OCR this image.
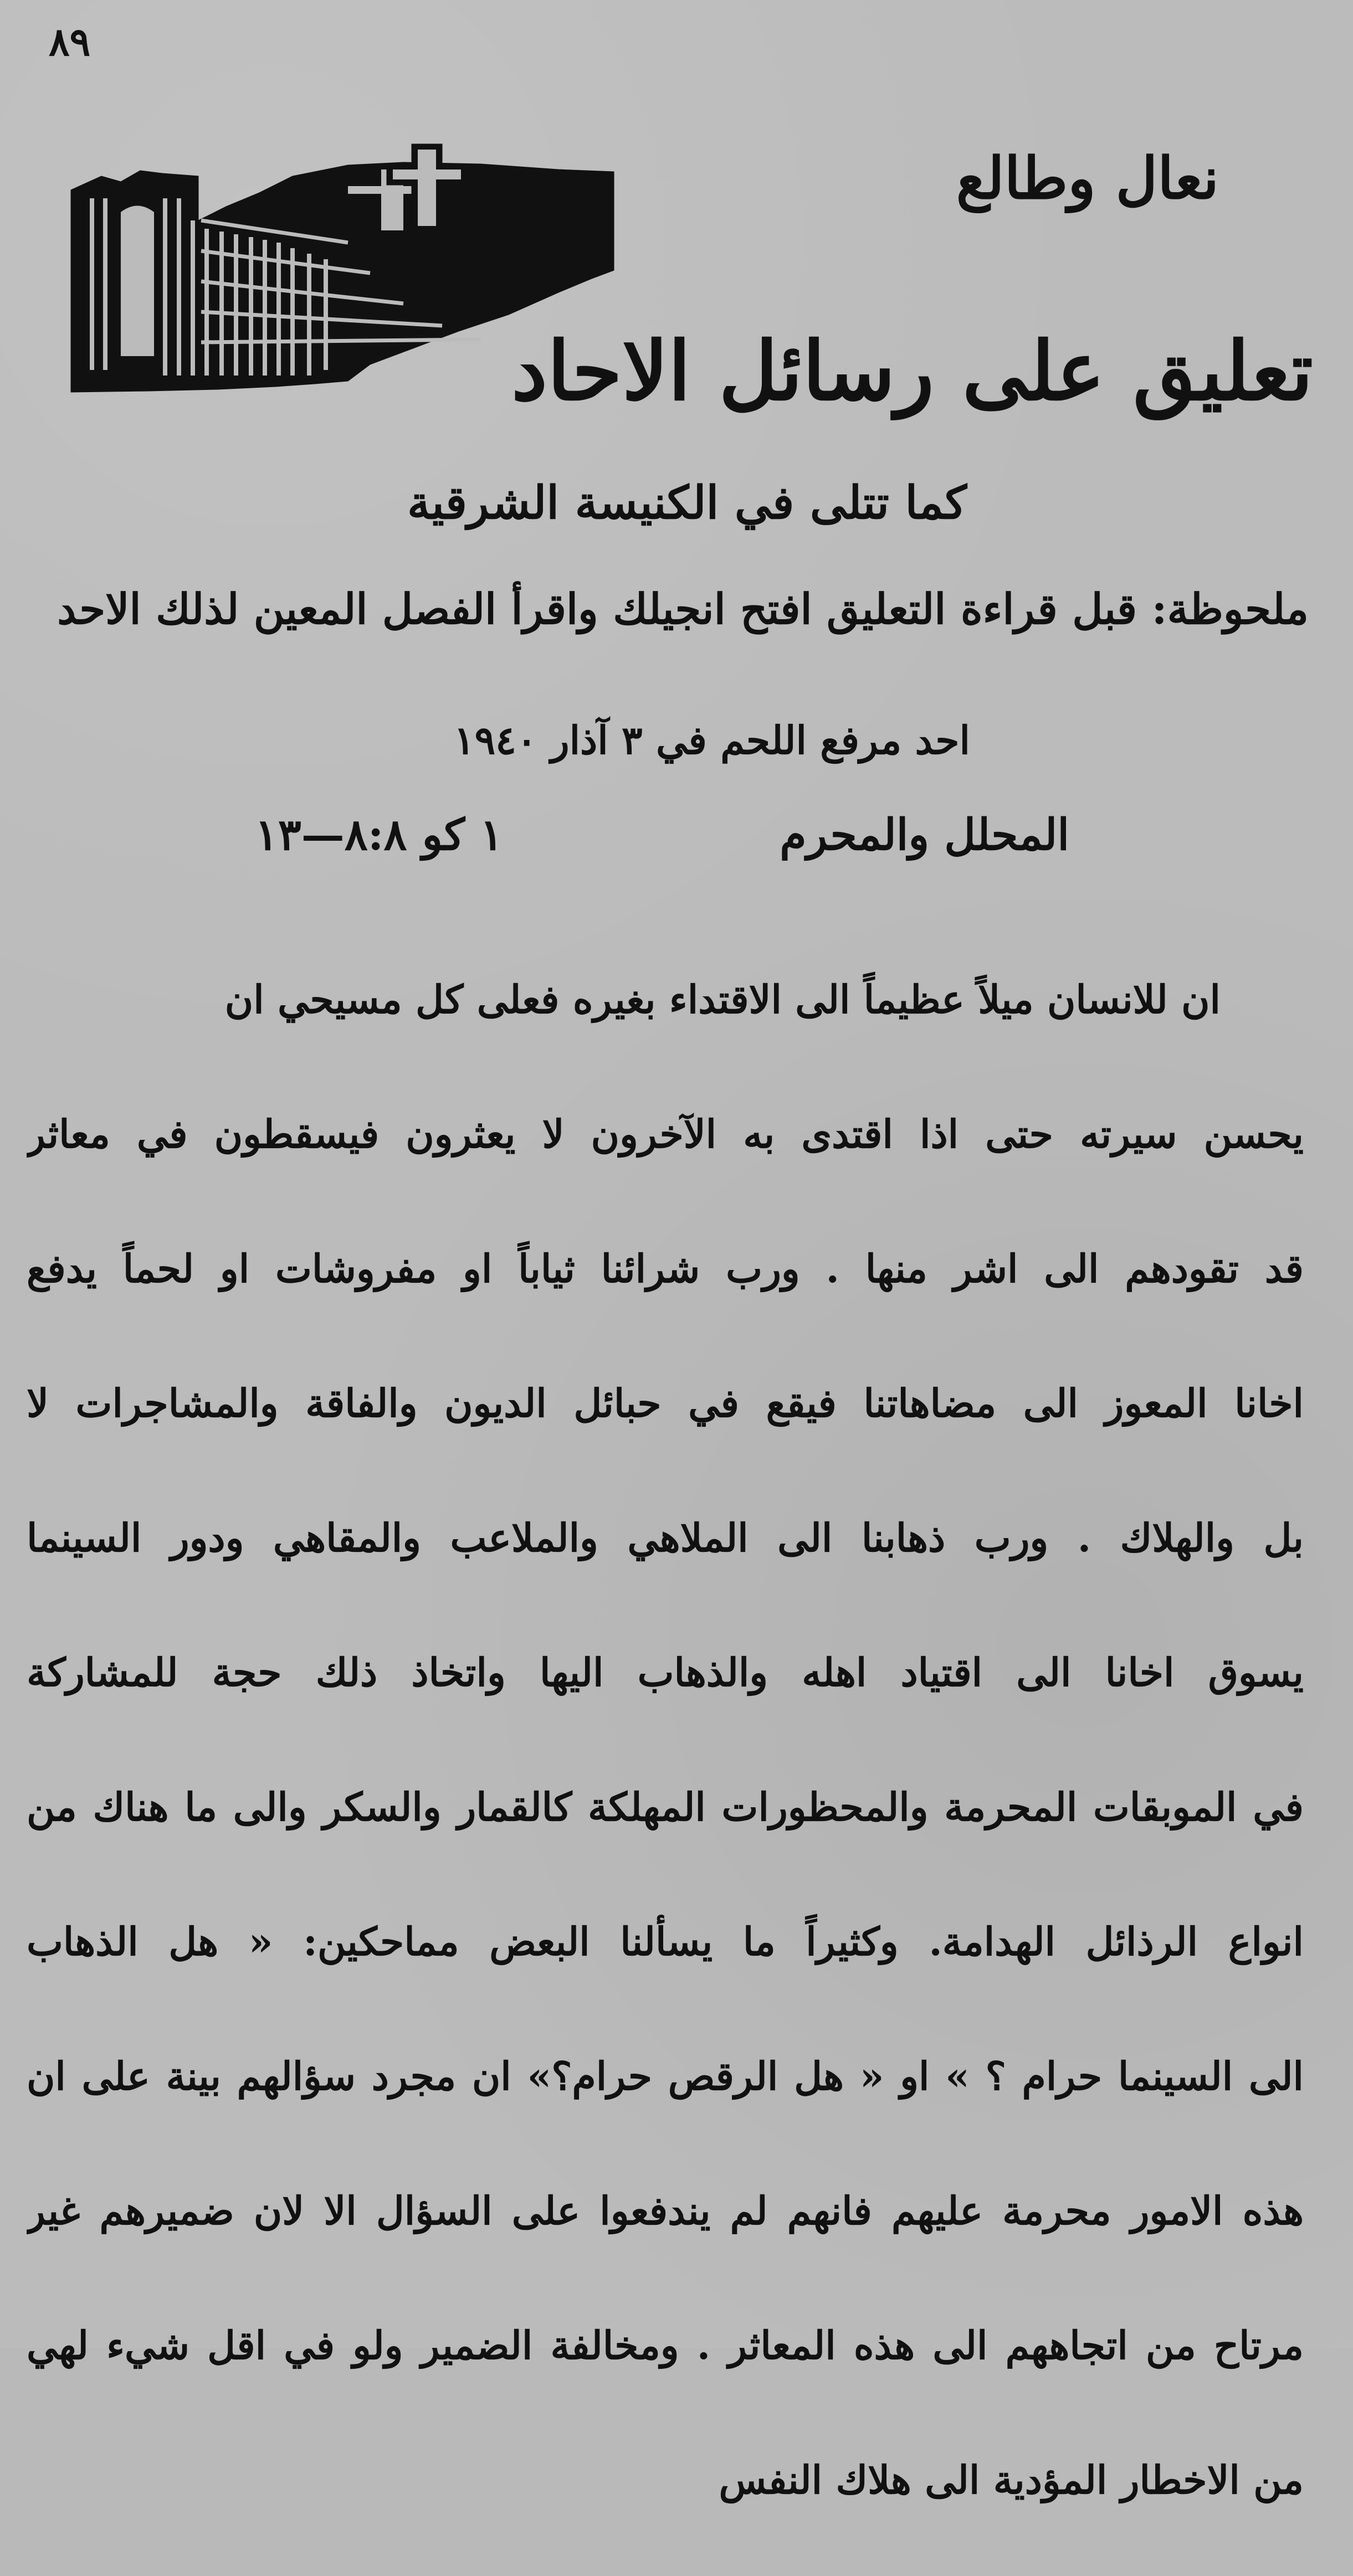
٨٩
نعال وطالع
تعليق على رسائل الاحاد
كما تتلى في الكنيسة الشرقية
ملحوظة: قبل قراءة التعليق افتح انجيلك واقرأ الفصل المعين لذلك الاحد
احد مرفع اللحم في ٣ آذار ١٩٤٠
المحلل والمحرم
١ كو ٨:٨—١٣
ان للانسان ميلاً عظيماً الى الاقتداء بغيره فعلى كل مسيحي ان
يحسن سيرته حتى اذا اقتدى به الآخرون لا يعثرون فيسقطون في معاثر
قد تقودهم الى اشر منها . ورب شرائنا ثياباً او مفروشات او لحماً يدفع
اخانا المعوز الى مضاهاتنا فيقع في حبائل الديون والفاقة والمشاجرات لا
بل والهلاك . ورب ذهابنا الى الملاهي والملاعب والمقاهي ودور السينما
يسوق اخانا الى اقتياد اهله والذهاب اليها واتخاذ ذلك حجة للمشاركة
في الموبقات المحرمة والمحظورات المهلكة كالقمار والسكر والى ما هناك من
انواع الرذائل الهدامة. وكثيراً ما يسألنا البعض مماحكين: « هل الذهاب
الى السينما حرام ؟ » او « هل الرقص حرام؟» ان مجرد سؤالهم بينة على ان
هذه الامور محرمة عليهم فانهم لم يندفعوا على السؤال الا لان ضميرهم غير
مرتاح من اتجاههم الى هذه المعاثر . ومخالفة الضمير ولو في اقل شيء لهي
من الاخطار المؤدية الى هلاك النفس
